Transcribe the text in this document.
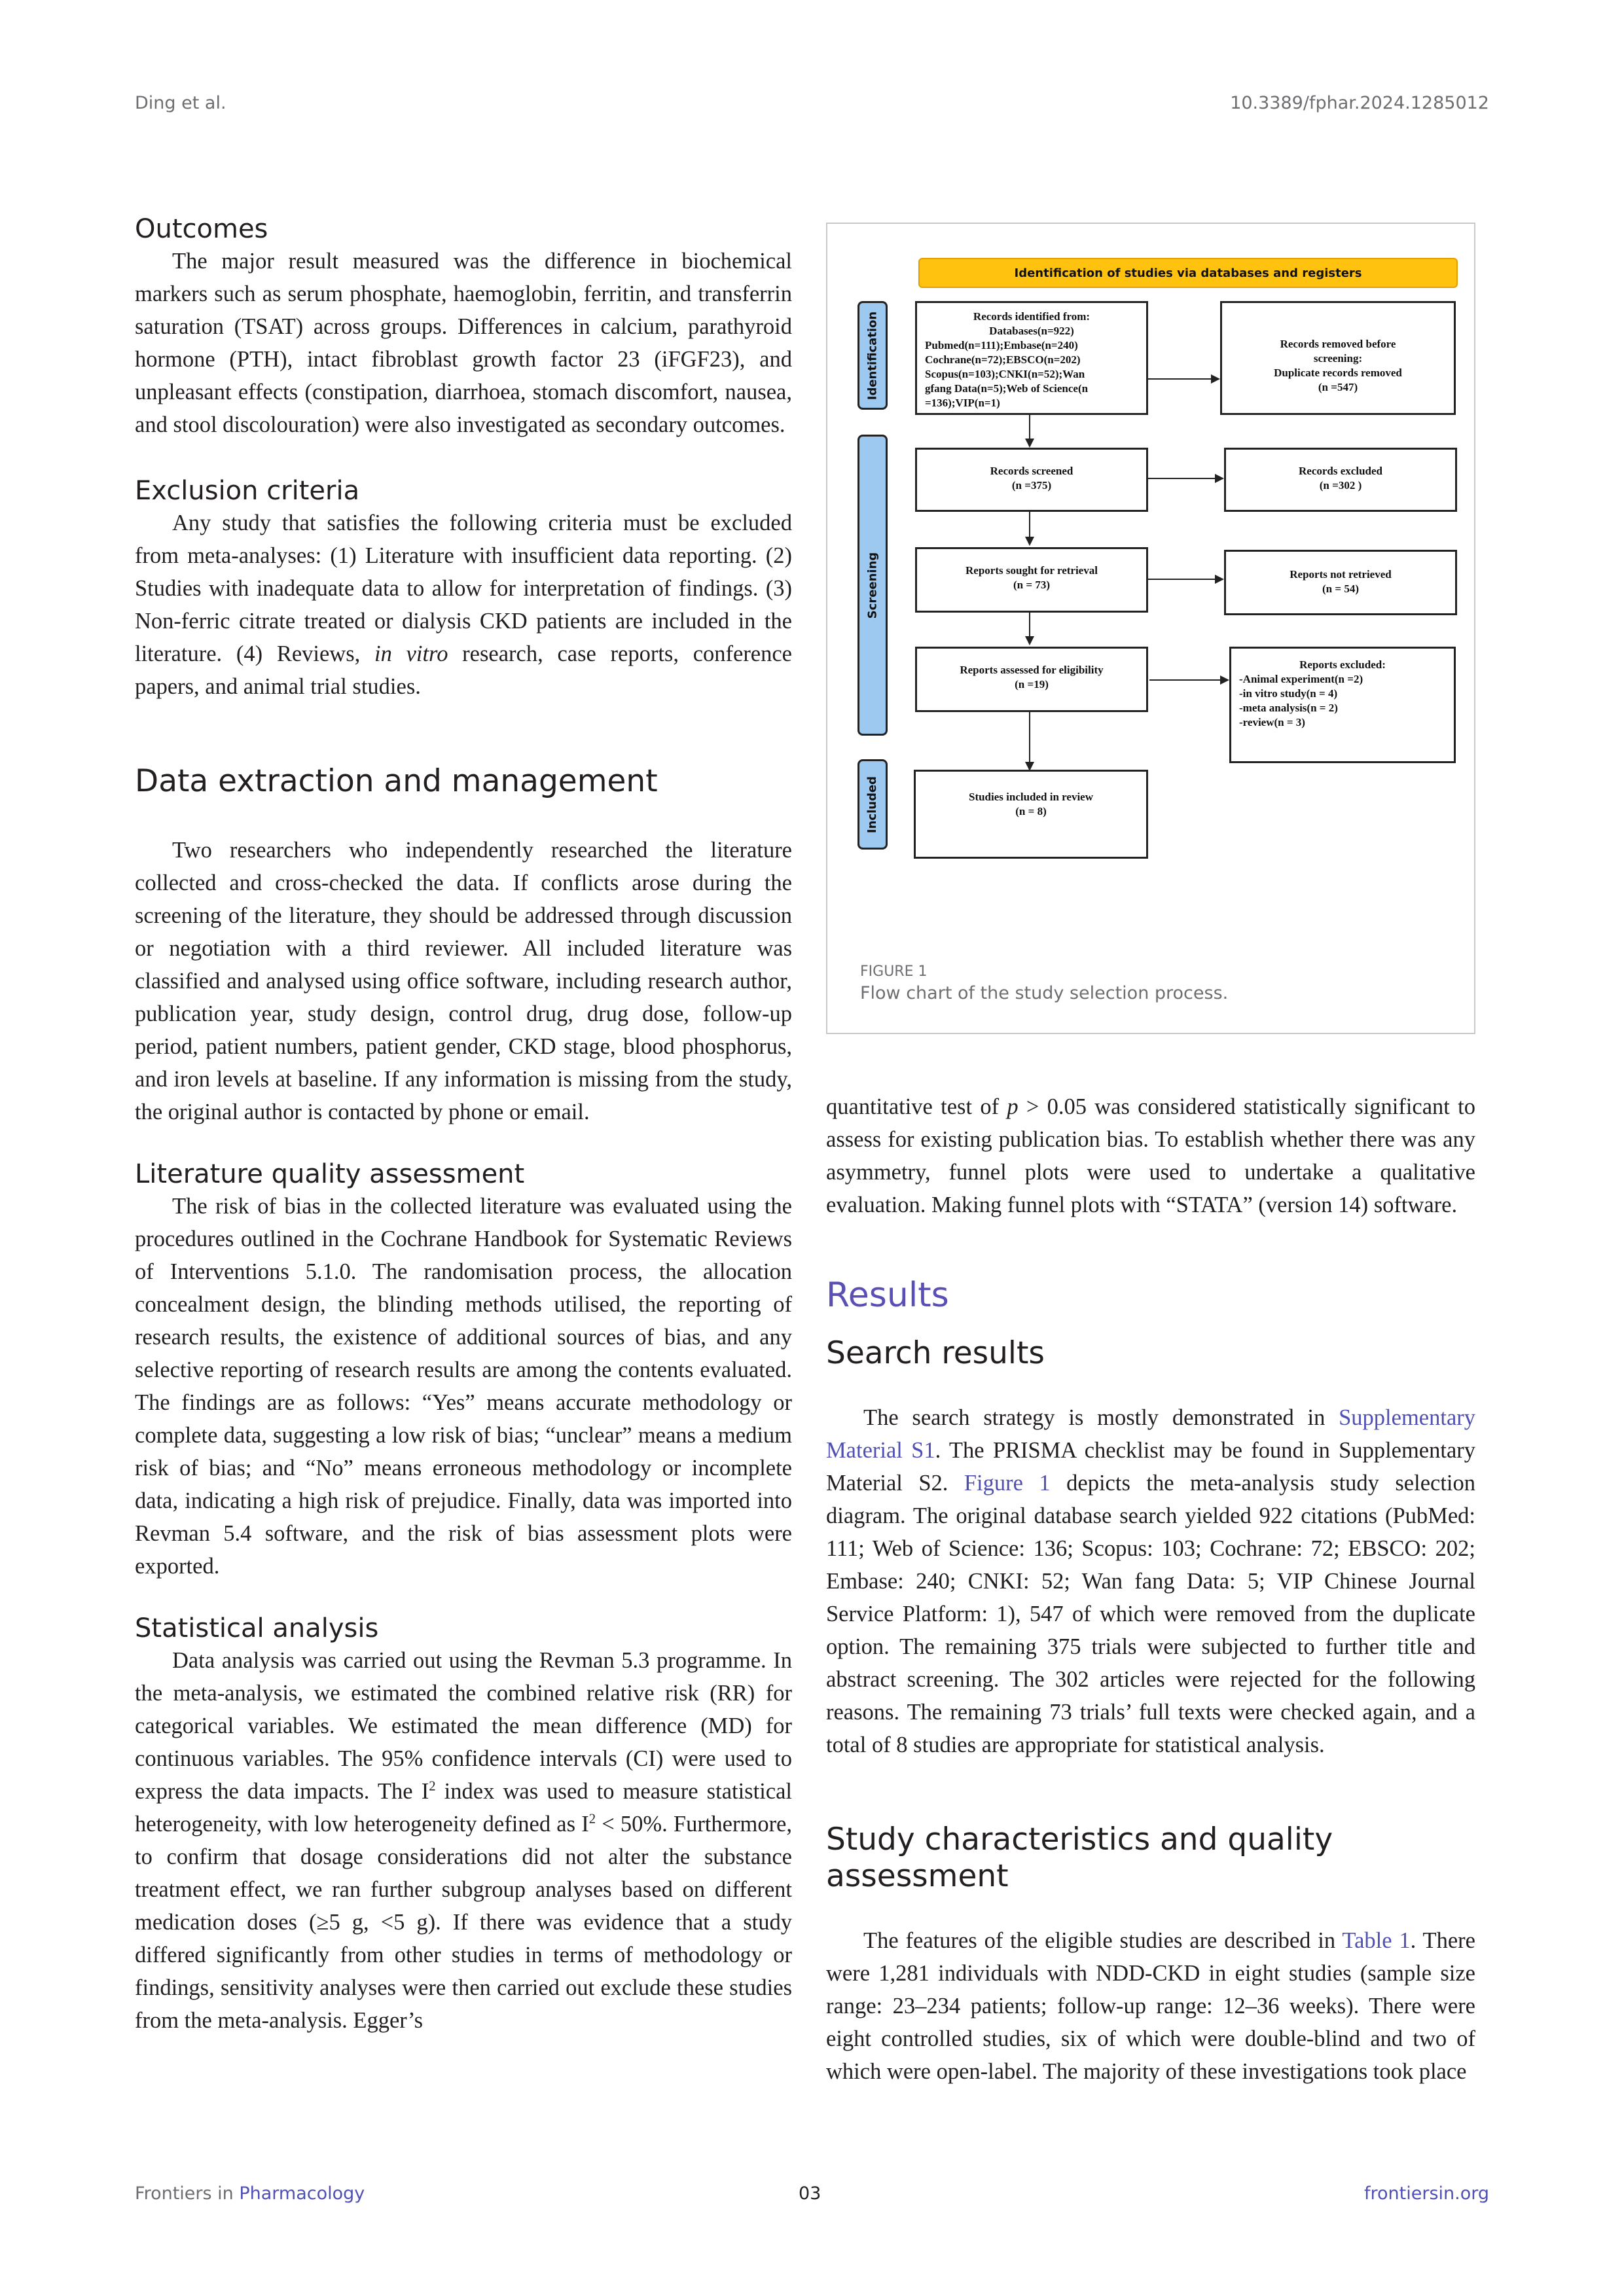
Ding et al.	10.3389/fphar.2024.1285012
Outcomes

The major result measured was the difference in biochemical markers such as serum phosphate, haemoglobin, ferritin, and transferrin saturation (TSAT) across groups. Differences in calcium, parathyroid hormone (PTH), intact fibroblast growth factor 23 (iFGF23), and unpleasant effects (constipation, diarrhoea, stomach discomfort, nausea, and stool discolouration) were also investigated as secondary outcomes.

Exclusion criteria

Any study that satisfies the following criteria must be excluded from meta-analyses: (1) Literature with insufficient data reporting. (2) Studies with inadequate data to allow for interpretation of findings. (3) Non-ferric citrate treated or dialysis CKD patients are included in the literature. (4) Reviews, in vitro research, case reports, conference papers, and animal trial studies.

Data extraction and management

Two researchers who independently researched the literature collected and cross-checked the data. If conflicts arose during the screening of the literature, they should be addressed through discussion or negotiation with a third reviewer. All included literature was classified and analysed using office software, including research author, publication year, study design, control drug, drug dose, follow-up period, patient numbers, patient gender, CKD stage, blood phosphorus, and iron levels at baseline. If any information is missing from the study, the original author is contacted by phone or email.

Literature quality assessment

The risk of bias in the collected literature was evaluated using the procedures outlined in the Cochrane Handbook for Systematic Reviews of Interventions 5.1.0. The randomisation process, the allocation concealment design, the blinding methods utilised, the reporting of research results, the existence of additional sources of bias, and any selective reporting of research results are among the contents evaluated. The findings are as follows: “Yes” means accurate methodology or complete data, suggesting a low risk of bias; “unclear” means a medium risk of bias; and “No” means erroneous methodology or incomplete data, indicating a high risk of prejudice. Finally, data was imported into Revman 5.4 software, and the risk of bias assessment plots were exported.

Statistical analysis

Data analysis was carried out using the Revman 5.3 programme. In the meta-analysis, we estimated the combined relative risk (RR) for categorical variables. We estimated the mean difference (MD) for continuous variables. The 95% confidence intervals (CI) were used to express the data impacts. The $I^2$ index was used to measure statistical heterogeneity, with low heterogeneity defined as $I^2 < 50\%$. Furthermore, to confirm that dosage considerations did not alter the substance treatment effect, we ran further subgroup analyses based on different medication doses (≥5 g, <5 g). If there was evidence that a study differed significantly from other studies in terms of methodology or findings, sensitivity analyses were then carried out exclude these studies from the meta-analysis. Egger’s

Identification of studies via databases and registers
Identification
Screening
Included
Records identified from:
Databases(n=922)
Pubmed(n=111);Embase(n=240)
Cochrane(n=72);EBSCO(n=202)
Scopus(n=103);CNKI(n=52);Wan
gfang Data(n=5);Web of Science(n
=136);VIP(n=1)
Records removed before
screening:
Duplicate records removed
(n =547)
Records screened
(n =375)
Records excluded
(n =302 )
Reports sought for retrieval
(n = 73)
Reports not retrieved
(n = 54)
Reports assessed for eligibility
(n =19)
Reports excluded:
-Animal experiment(n =2)
-in vitro study(n = 4)
-meta analysis(n = 2)
-review(n = 3)
Studies included in review
(n = 8)
FIGURE 1
Flow chart of the study selection process.

quantitative test of p > 0.05 was considered statistically significant to assess for existing publication bias. To establish whether there was any asymmetry, funnel plots were used to undertake a qualitative evaluation. Making funnel plots with “STATA” (version 14) software.

Results
Search results

The search strategy is mostly demonstrated in Supplementary Material S1. The PRISMA checklist may be found in Supplementary Material S2. Figure 1 depicts the meta-analysis study selection diagram. The original database search yielded 922 citations (PubMed: 111; Web of Science: 136; Scopus: 103; Cochrane: 72; EBSCO: 202; Embase: 240; CNKI: 52; Wan fang Data: 5; VIP Chinese Journal Service Platform: 1), 547 of which were removed from the duplicate option. The remaining 375 trials were subjected to further title and abstract screening. The 302 articles were rejected for the following reasons. The remaining 73 trials’ full texts were checked again, and a total of 8 studies are appropriate for statistical analysis.

Study characteristics and quality assessment

The features of the eligible studies are described in Table 1. There were 1,281 individuals with NDD-CKD in eight studies (sample size range: 23–234 patients; follow-up range: 12–36 weeks). There were eight controlled studies, six of which were double-blind and two of which were open-label. The majority of these investigations took place

Frontiers in Pharmacology	03	frontiersin.org
